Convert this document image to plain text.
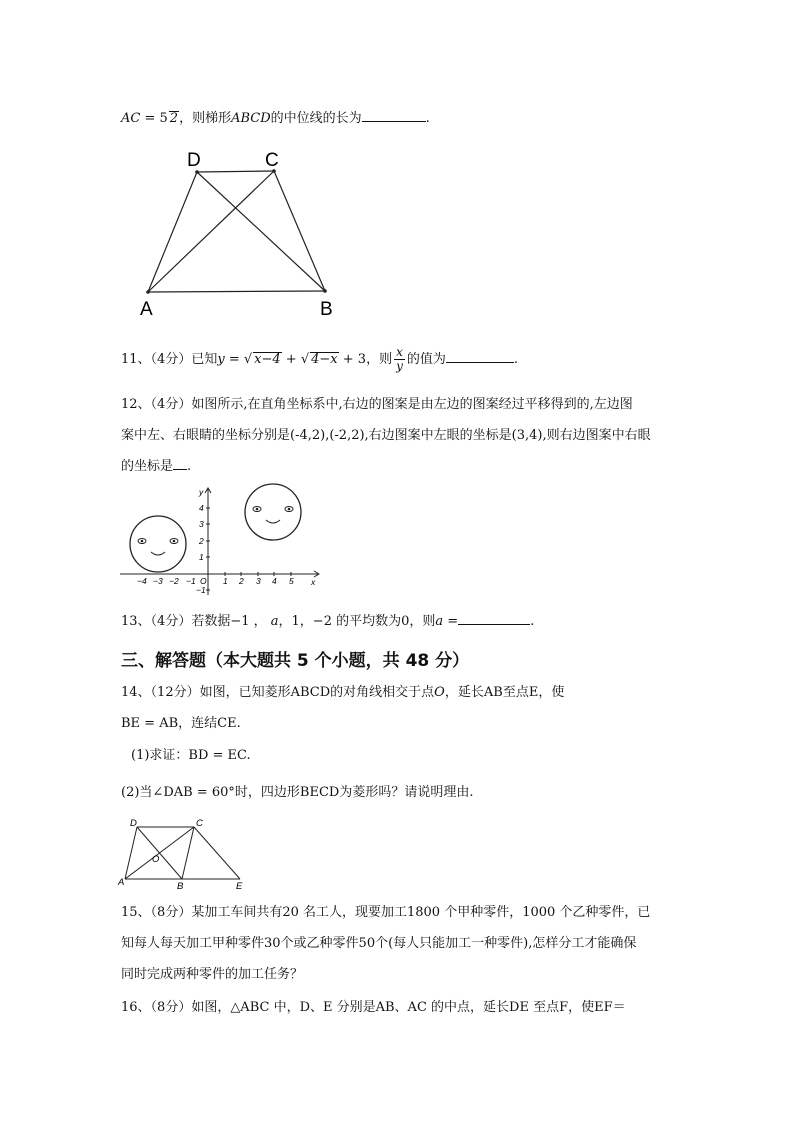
AC = 5 2，则梯形ABCD的中位线的长为	.
D	C
A	B
11、（4分）已知y = √ x−4 + √ 4−x + 3，则 $\frac{x}{y}$ 的值为	.
12、（4分）如图所示,在直角坐标系中,右边的图案是由左边的图案经过平移得到的,左边图
案中左、右眼睛的坐标分别是(-4,2),(-2,2),右边图案中左眼的坐标是(3,4),则右边图案中右眼
的坐标是 .
y
x
4
3
2
1
−1
−4 −3 −2 −1 O 1 2 3 4 5
13、（4分）若数据−1 ， a，1，−2 的平均数为0，则a =	.
三、解答题（本大题共 5 个小题，共 48 分）
14、（12分）如图，已知菱形ABCD的对角线相交于点O，延长AB至点E，使
BE = AB，连结CE.
(1)求证：BD = EC.
(2)当∠DAB = 60°时，四边形BECD为菱形吗？请说明理由.
D	C
O
A	B	E
15、（8分）某加工车间共有20 名工人，现要加工1800 个甲种零件，1000 个乙种零件，已
知每人每天加工甲种零件30个或乙种零件50个(每人只能加工一种零件),怎样分工才能确保
同时完成两种零件的加工任务？
16、（8分）如图，△ABC 中，D、E 分别是AB、AC 的中点，延长DE 至点F，使EF＝
